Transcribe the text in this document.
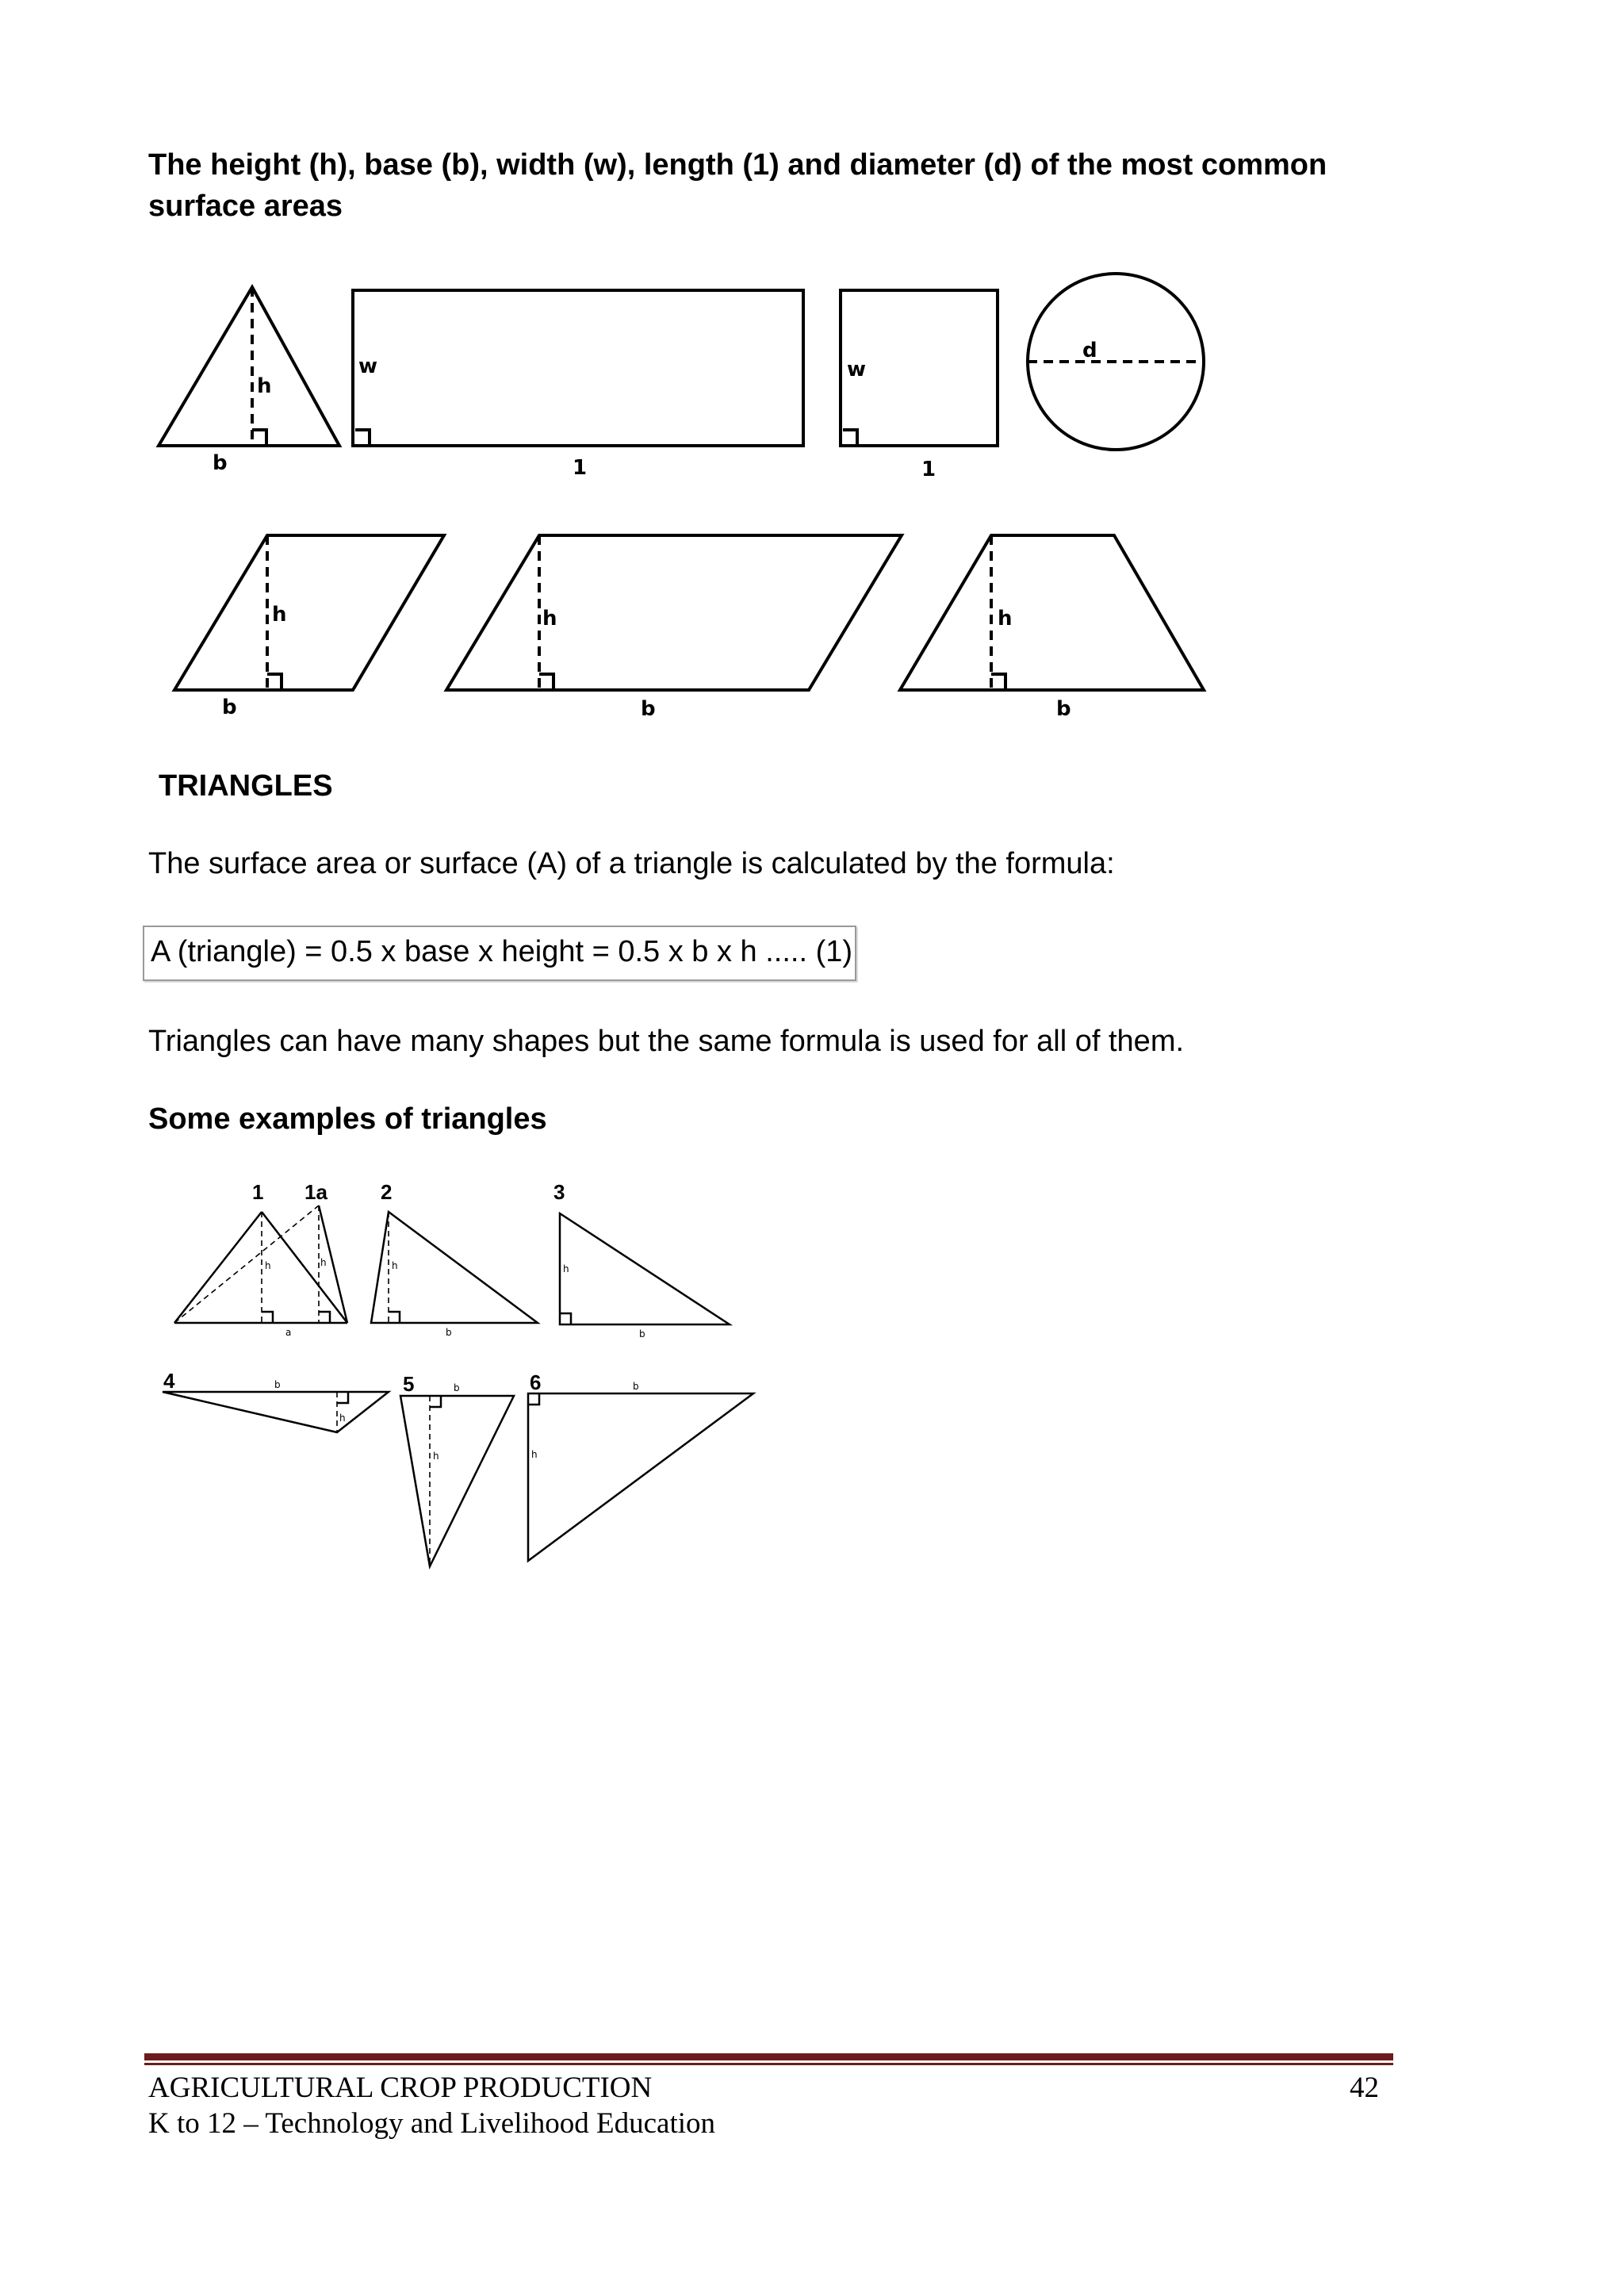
The height (h), base (b), width (w), length (1) and diameter (d) of the most common surface areas
h
b
w
1
w
1
d
h
b
h
b
h
b
TRIANGLES
The surface area or surface (A) of a triangle is calculated by the formula:
A (triangle) = 0.5 x base x height = 0.5 x b x h ..... (1)
Triangles can have many shapes but the same formula is used for all of them.
Some examples of triangles
1 1a
h	h
a
2
h
b
3
h
b
4	b
h
5	b
h
6	b
h
AGRICULTURAL CROP PRODUCTION	42
K to 12 – Technology and Livelihood Education
